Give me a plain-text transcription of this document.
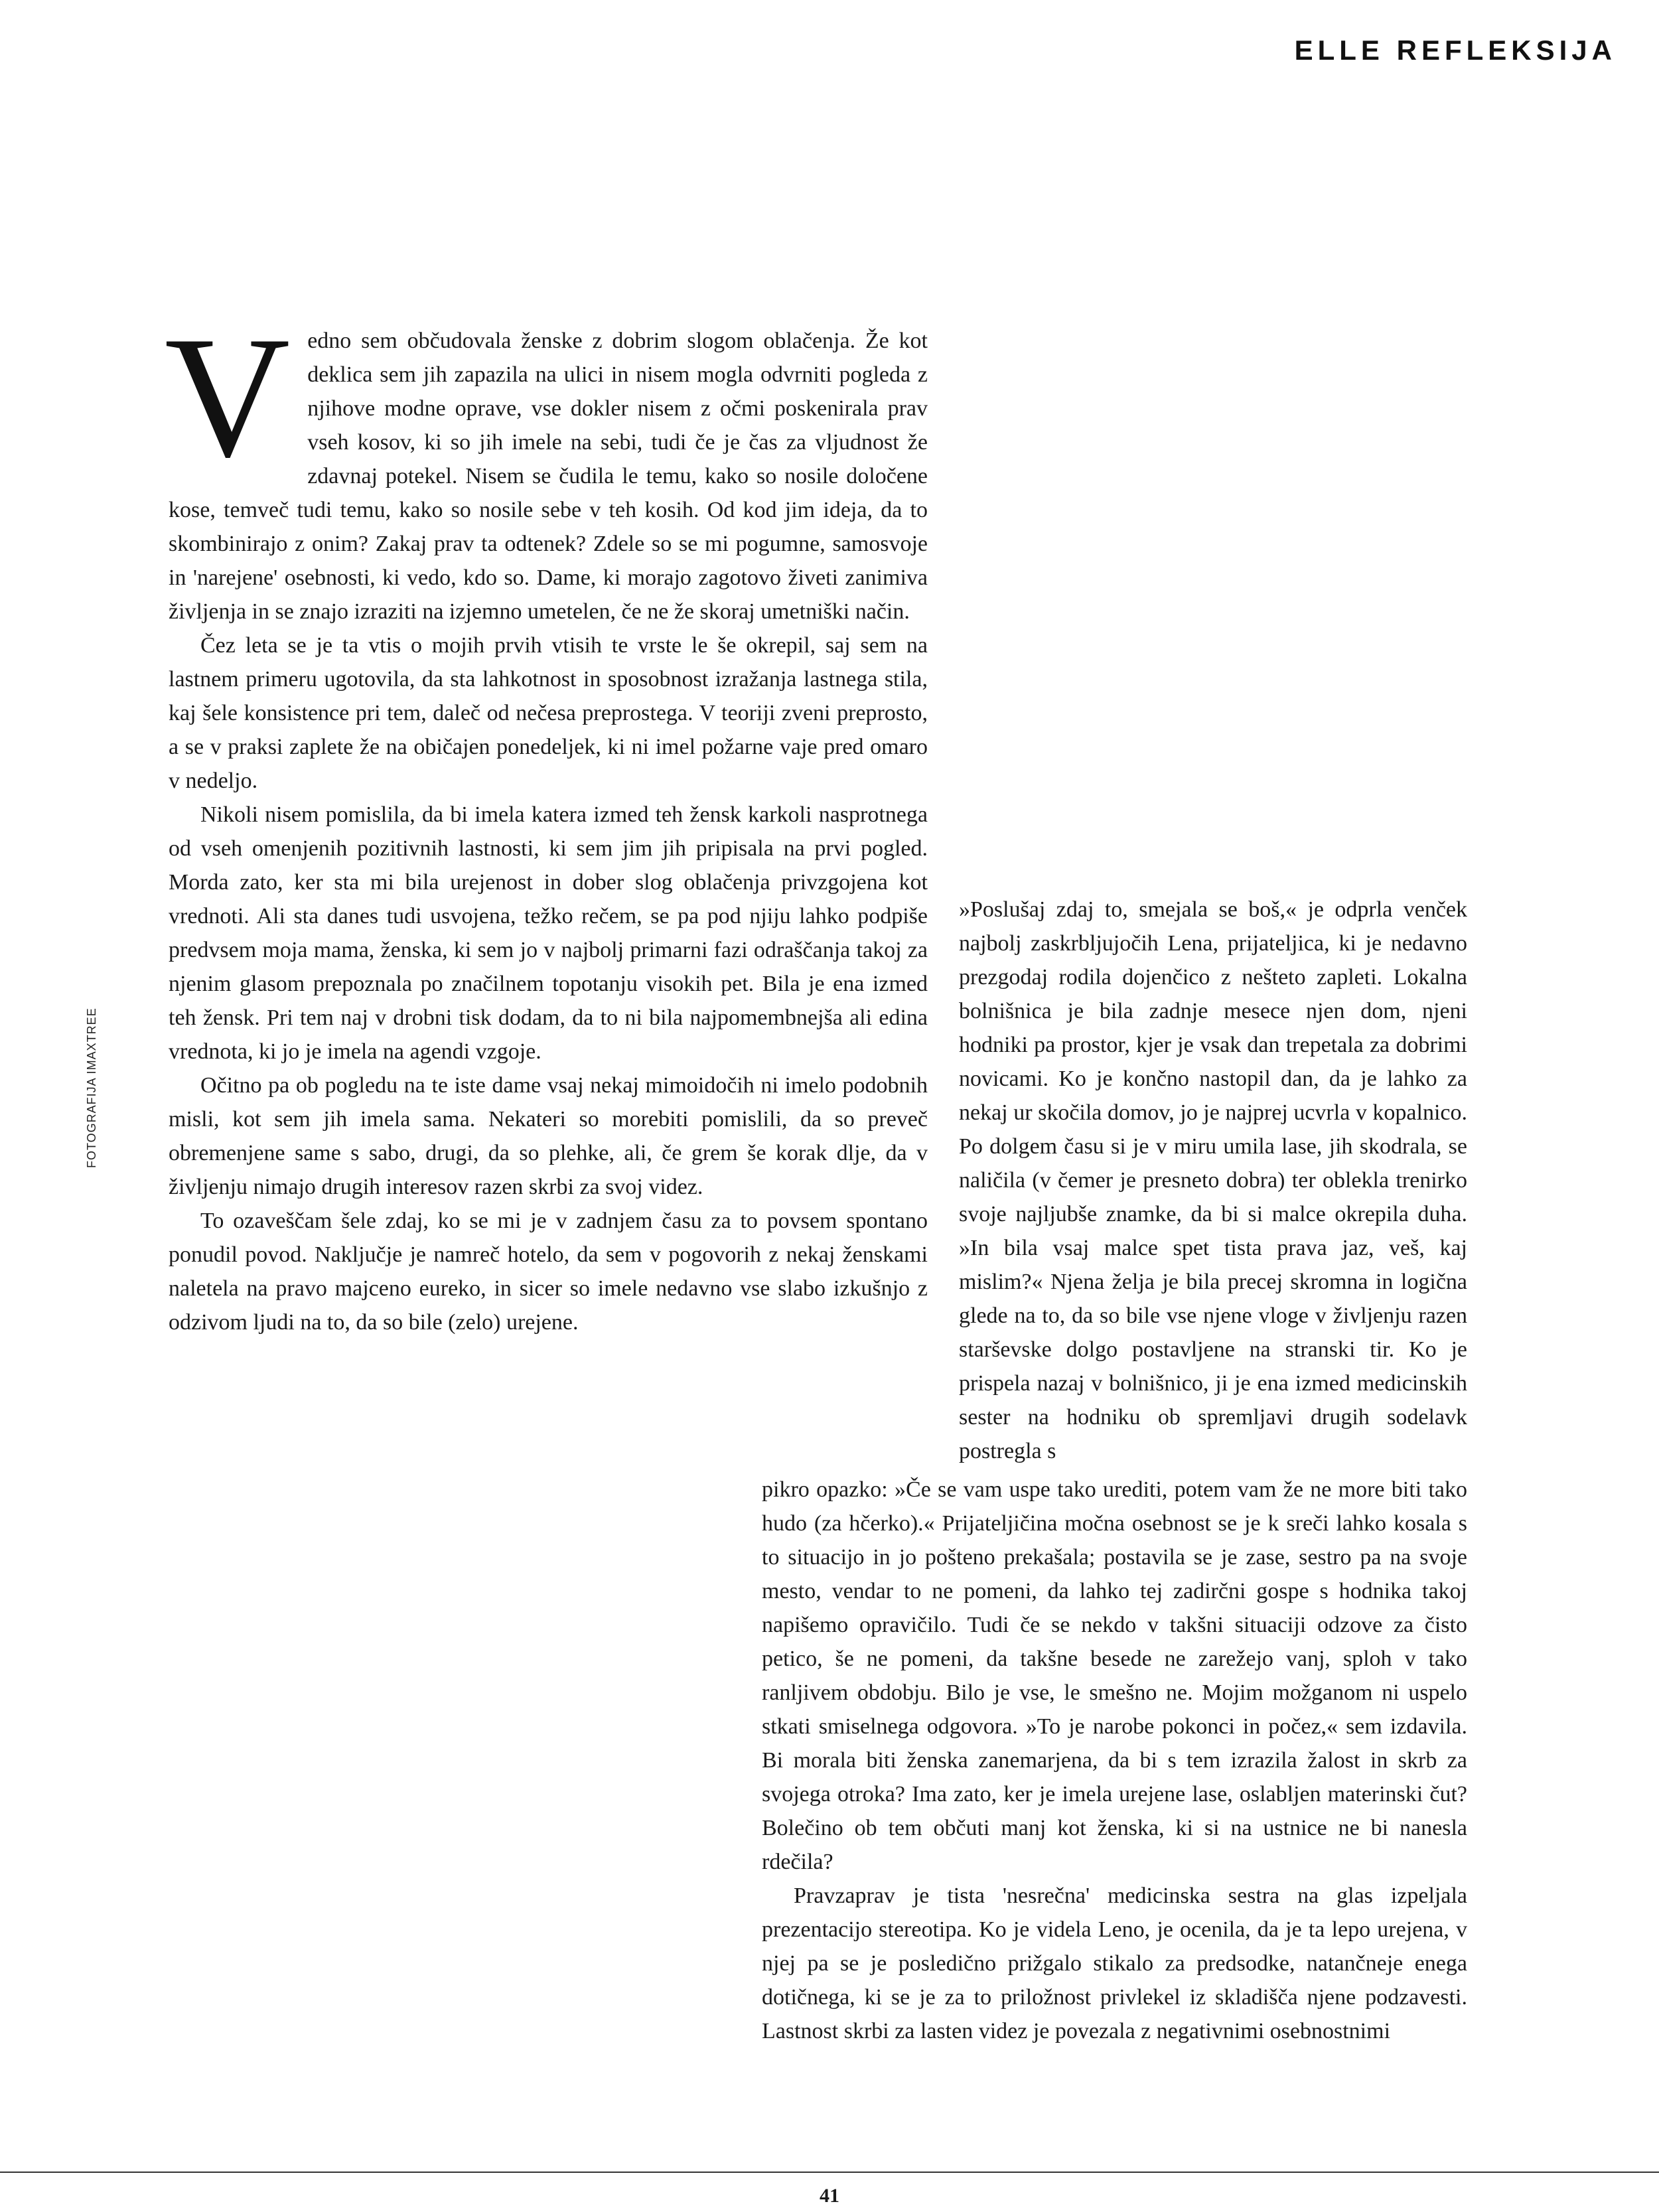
ELLE REFLEKSIJA
FOTOGRAFIJA IMAXTREE

Vedno sem občudovala ženske z dobrim slogom oblačenja. Že kot deklica sem jih zapazila na ulici in nisem mogla odvrniti pogleda z njihove modne oprave, vse dokler nisem z očmi poskenirala prav vseh kosov, ki so jih imele na sebi, tudi če je čas za vljudnost že zdavnaj potekel. Nisem se čudila le temu, kako so nosile določene kose, temveč tudi temu, kako so nosile sebe v teh kosih. Od kod jim ideja, da to skombinirajo z onim? Zakaj prav ta odtenek? Zdele so se mi pogumne, samosvoje in 'narejene' osebnosti, ki vedo, kdo so. Dame, ki morajo zagotovo živeti zanimiva življenja in se znajo izraziti na izjemno umetelen, če ne že skoraj umetniški način.

Čez leta se je ta vtis o mojih prvih vtisih te vrste le še okrepil, saj sem na lastnem primeru ugotovila, da sta lahkotnost in sposobnost izražanja lastnega stila, kaj šele konsistence pri tem, daleč od nečesa preprostega. V teoriji zveni preprosto, a se v praksi zaplete že na običajen ponedeljek, ki ni imel požarne vaje pred omaro v nedeljo.

Nikoli nisem pomislila, da bi imela katera izmed teh žensk karkoli nasprotnega od vseh omenjenih pozitivnih lastnosti, ki sem jim jih pripisala na prvi pogled. Morda zato, ker sta mi bila urejenost in dober slog oblačenja privzgojena kot vrednoti. Ali sta danes tudi usvojena, težko rečem, se pa pod njiju lahko podpiše predvsem moja mama, ženska, ki sem jo v najbolj primarni fazi odraščanja takoj za njenim glasom prepoznala po značilnem topotanju visokih pet. Bila je ena izmed teh žensk. Pri tem naj v drobni tisk dodam, da to ni bila najpomembnejša ali edina vrednota, ki jo je imela na agendi vzgoje.

Očitno pa ob pogledu na te iste dame vsaj nekaj mimoidočih ni imelo podobnih misli, kot sem jih imela sama. Nekateri so morebiti pomislili, da so preveč obremenjene same s sabo, drugi, da so plehke, ali, če grem še korak dlje, da v življenju nimajo drugih interesov razen skrbi za svoj videz.

To ozaveščam šele zdaj, ko se mi je v zadnjem času za to povsem spontano ponudil povod. Naključje je namreč hotelo, da sem v pogovorih z nekaj ženskami naletela na pravo majceno eureko, in sicer so imele nedavno vse slabo izkušnjo z odzivom ljudi na to, da so bile (zelo) urejene.

»Poslušaj zdaj to, smejala se boš,« je odprla venček najbolj zaskrbljujočih Lena, prijateljica, ki je nedavno prezgodaj rodila dojenčico z nešteto zapleti. Lokalna bolnišnica je bila zadnje mesece njen dom, njeni hodniki pa prostor, kjer je vsak dan trepetala za dobrimi novicami. Ko je končno nastopil dan, da je lahko za nekaj ur skočila domov, jo je najprej ucvrla v kopalnico. Po dolgem času si je v miru umila lase, jih skodrala, se naličila (v čemer je presneto dobra) ter oblekla trenirko svoje najljubše znamke, da bi si malce okrepila duha. »In bila vsaj malce spet tista prava jaz, veš, kaj mislim?« Njena želja je bila precej skromna in logična glede na to, da so bile vse njene vloge v življenju razen starševske dolgo postavljene na stranski tir. Ko je prispela nazaj v bolnišnico, ji je ena izmed medicinskih sester na hodniku ob spremljavi drugih sodelavk postregla s

pikro opazko: »Če se vam uspe tako urediti, potem vam že ne more biti tako hudo (za hčerko).« Prijateljičina močna osebnost se je k sreči lahko kosala s to situacijo in jo pošteno prekašala; postavila se je zase, sestro pa na svoje mesto, vendar to ne pomeni, da lahko tej zadirčni gospe s hodnika takoj napišemo opravičilo. Tudi če se nekdo v takšni situaciji odzove za čisto petico, še ne pomeni, da takšne besede ne zarežejo vanj, sploh v tako ranljivem obdobju. Bilo je vse, le smešno ne. Mojim možganom ni uspelo stkati smiselnega odgovora. »To je narobe pokonci in počez,« sem izdavila. Bi morala biti ženska zanemarjena, da bi s tem izrazila žalost in skrb za svojega otroka? Ima zato, ker je imela urejene lase, oslabljen materinski čut? Bolečino ob tem občuti manj kot ženska, ki si na ustnice ne bi nanesla rdečila?

Pravzaprav je tista 'nesrečna' medicinska sestra na glas izpeljala prezentacijo stereotipa. Ko je videla Leno, je ocenila, da je ta lepo urejena, v njej pa se je posledično prižgalo stikalo za predsodke, natančneje enega dotičnega, ki se je za to priložnost privlekel iz skladišča njene podzavesti. Lastnost skrbi za lasten videz je povezala z negativnimi osebnostnimi

41
